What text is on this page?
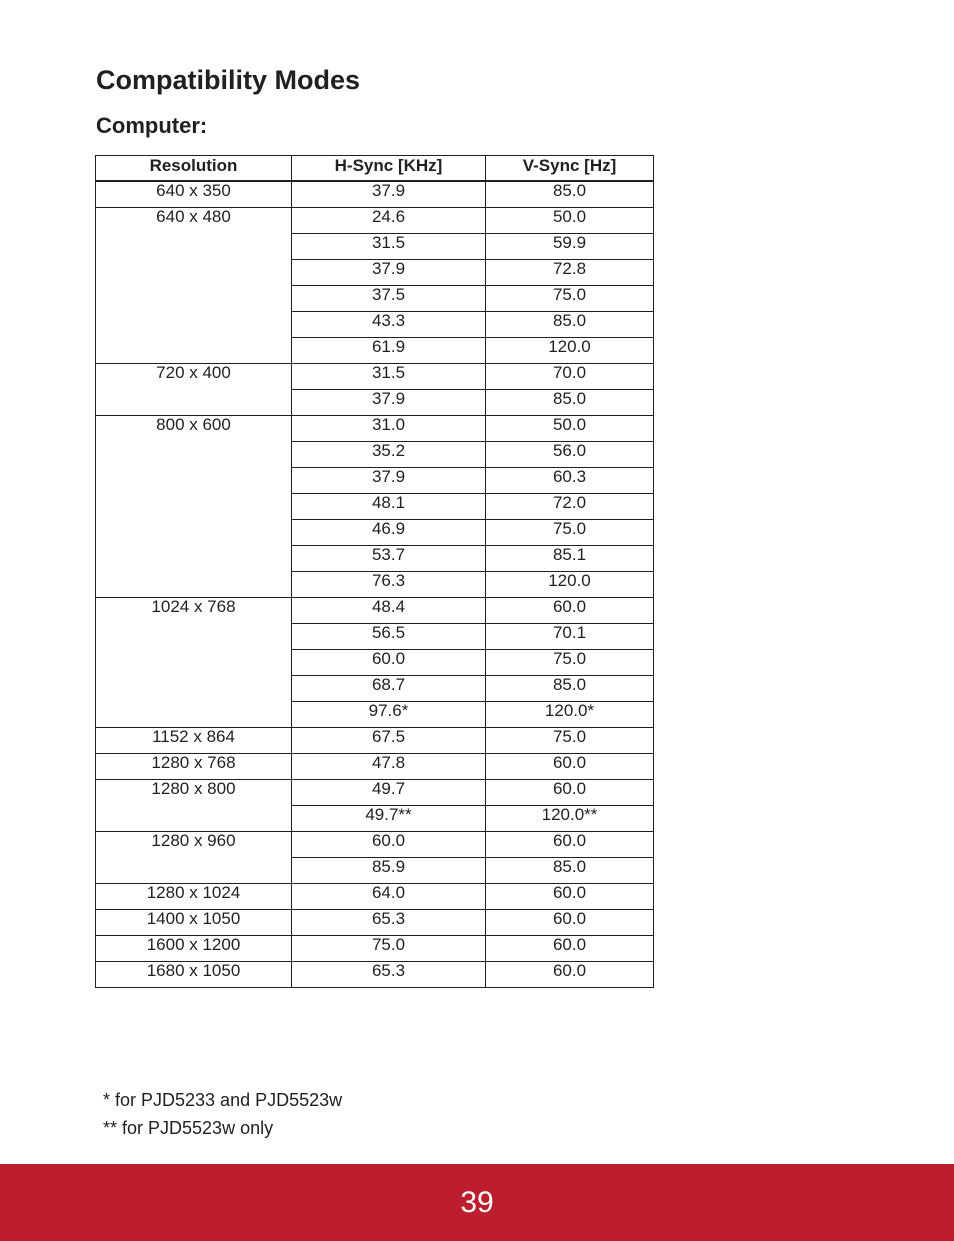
Compatibility Modes
Computer:
Resolution	H-Sync [KHz]	V-Sync [Hz]
640 x 350	37.9	85.0
640 x 480	24.6	50.0
	31.5	59.9
	37.9	72.8
	37.5	75.0
	43.3	85.0
	61.9	120.0
720 x 400	31.5	70.0
	37.9	85.0
800 x 600	31.0	50.0
	35.2	56.0
	37.9	60.3
	48.1	72.0
	46.9	75.0
	53.7	85.1
	76.3	120.0
1024 x 768	48.4	60.0
	56.5	70.1
	60.0	75.0
	68.7	85.0
	97.6*	120.0*
1152 x 864	67.5	75.0
1280 x 768	47.8	60.0
1280 x 800	49.7	60.0
	49.7**	120.0**
1280 x 960	60.0	60.0
	85.9	85.0
1280 x 1024	64.0	60.0
1400 x 1050	65.3	60.0
1600 x 1200	75.0	60.0
1680 x 1050	65.3	60.0
* for PJD5233 and PJD5523w
** for PJD5523w only
39
